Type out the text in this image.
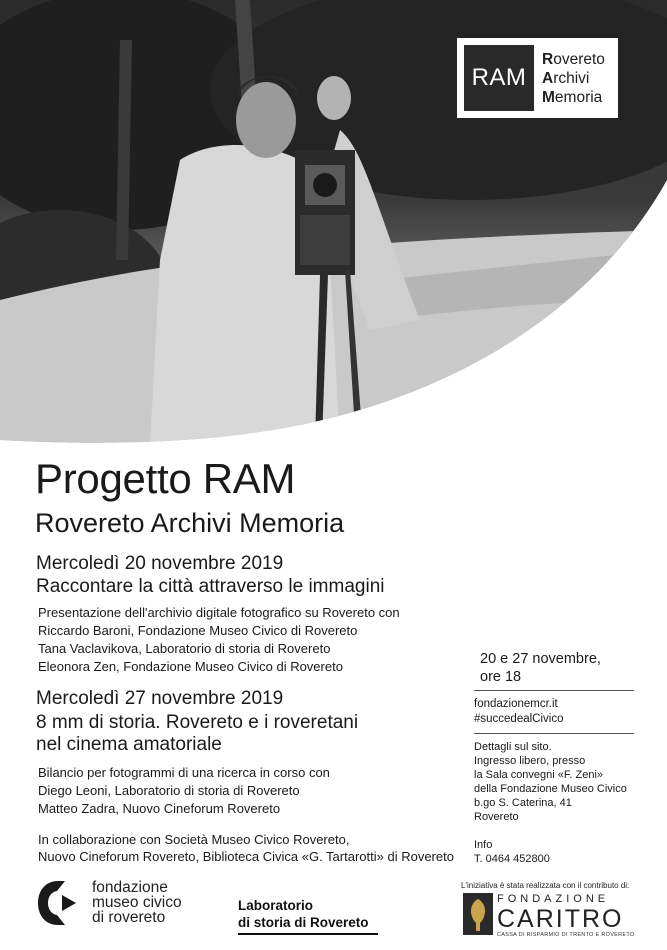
RAM
Rovereto
Archivi
Memoria
Progetto RAM
Rovereto Archivi Memoria
Mercoledì 20 novembre 2019
Raccontare la città attraverso le immagini
Presentazione dell'archivio digitale fotografico su Rovereto con
Riccardo Baroni, Fondazione Museo Civico di Rovereto
Tana Vaclavikova, Laboratorio di storia di Rovereto
Eleonora Zen, Fondazione Museo Civico di Rovereto
Mercoledì 27 novembre 2019
8 mm di storia. Rovereto e i roveretani
nel cinema amatoriale
Bilancio per fotogrammi di una ricerca in corso con
Diego Leoni, Laboratorio di storia di Rovereto
Matteo Zadra, Nuovo Cineforum Rovereto
In collaborazione con Società Museo Civico Rovereto,
Nuovo Cineforum Rovereto, Biblioteca Civica «G. Tartarotti» di Rovereto
20 e 27 novembre,
ore 18
fondazionemcr.it
#succedealCivico
Dettagli sul sito.
Ingresso libero, presso
la Sala convegni «F. Zeni»
della Fondazione Museo Civico
b.go S. Caterina, 41
Rovereto
Info
T. 0464 452800
fondazione
museo civico
di rovereto
Laboratorio
di storia di Rovereto
L'iniziativa è stata realizzata con il contributo di:
FONDAZIONE
CARITRO
CASSA DI RISPARMIO DI TRENTO E ROVERETO
